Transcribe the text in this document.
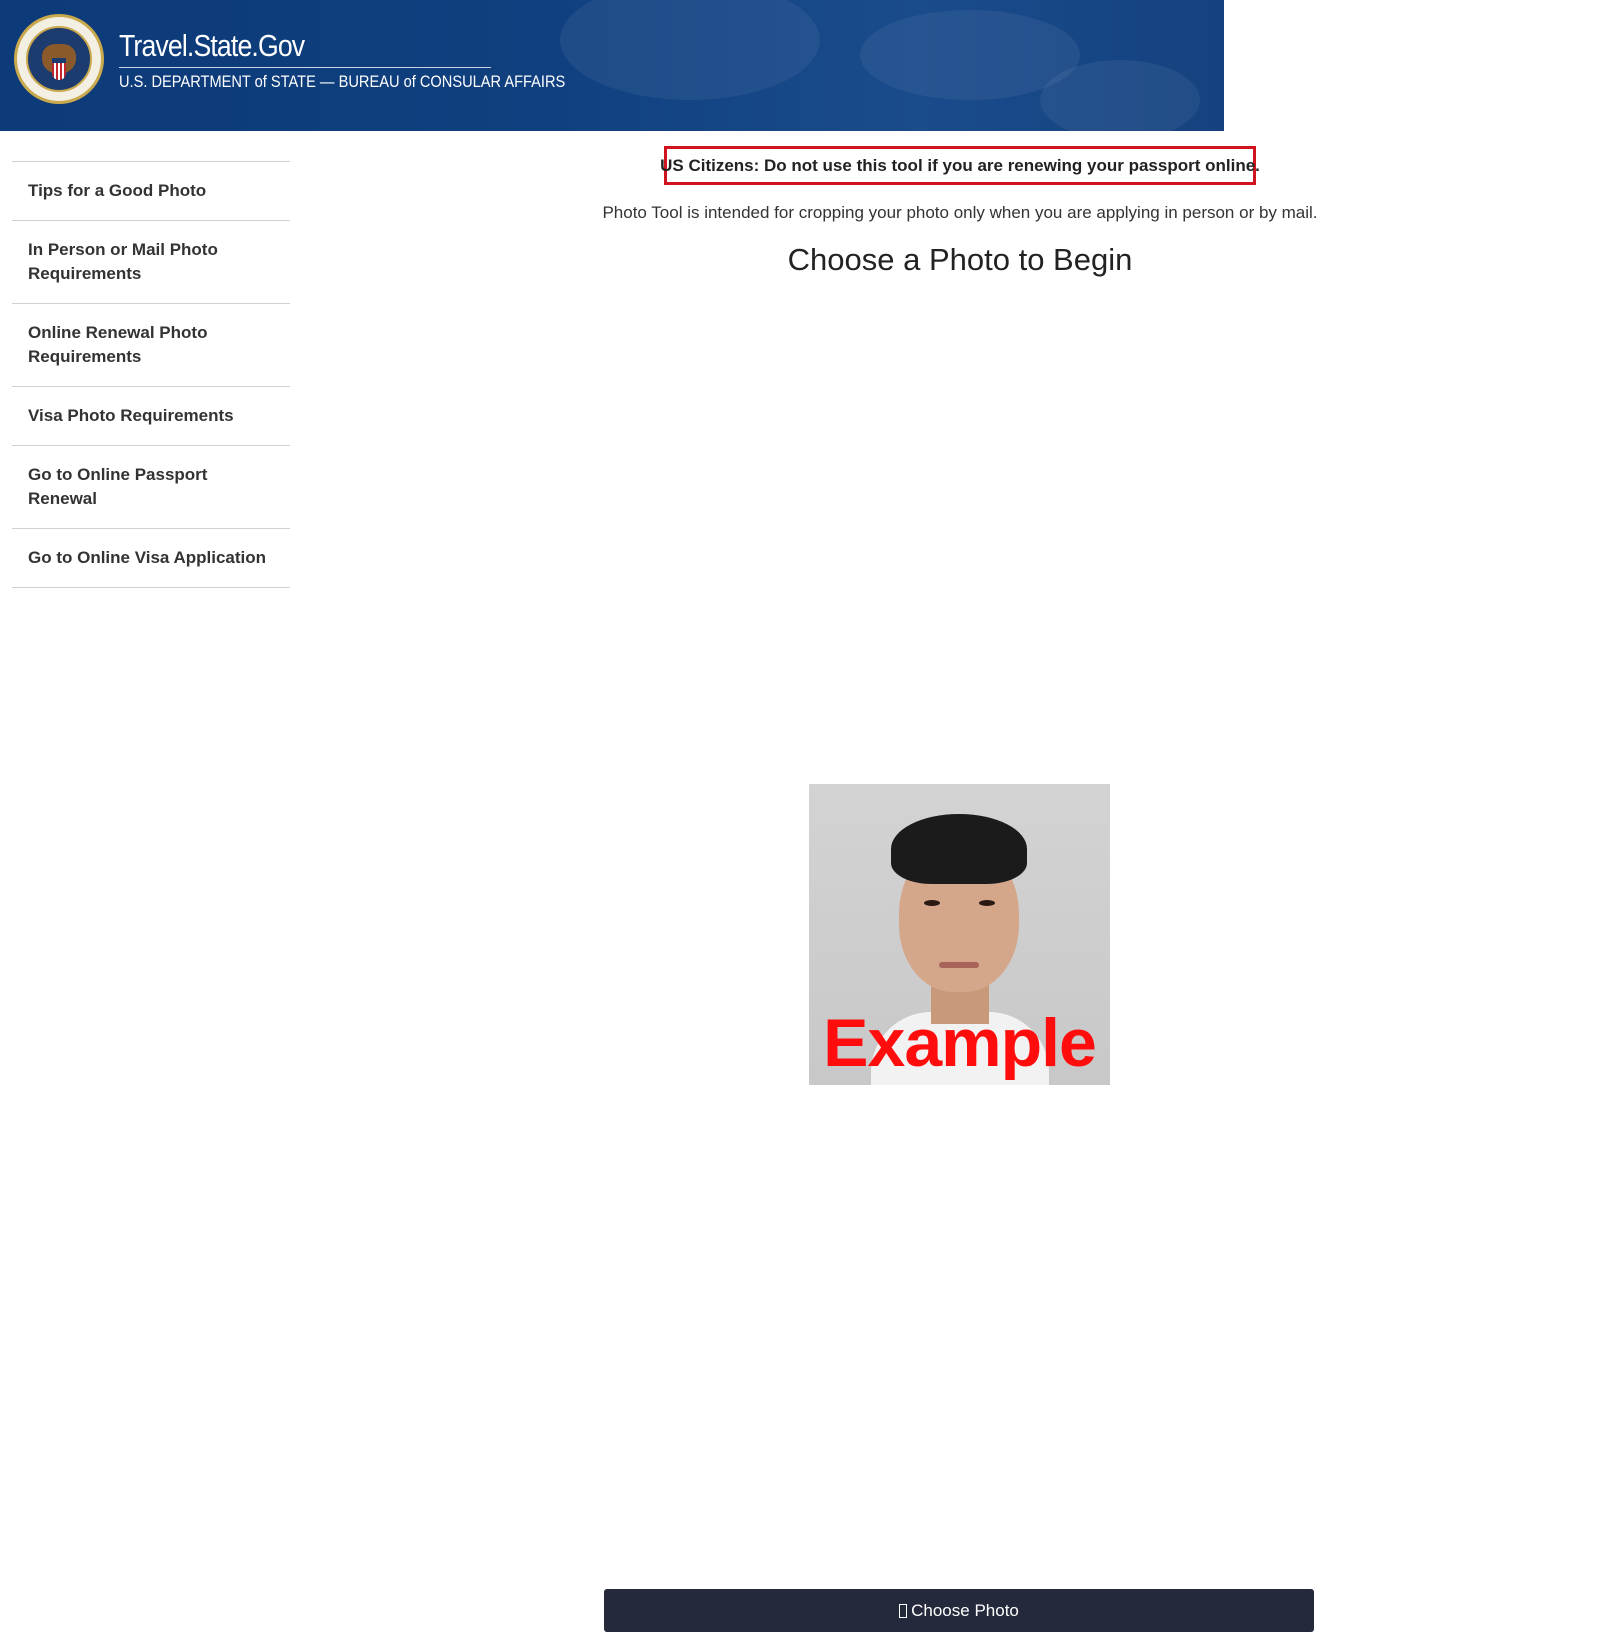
Travel.State.Gov
U.S. DEPARTMENT of STATE — BUREAU of CONSULAR AFFAIRS
Tips for a Good Photo
In Person or Mail Photo Requirements
Online Renewal Photo Requirements
Visa Photo Requirements
Go to Online Passport Renewal
Go to Online Visa Application
US Citizens: Do not use this tool if you are renewing your passport online.
Photo Tool is intended for cropping your photo only when you are applying in person or by mail.
Choose a Photo to Begin
Example
Choose Photo
